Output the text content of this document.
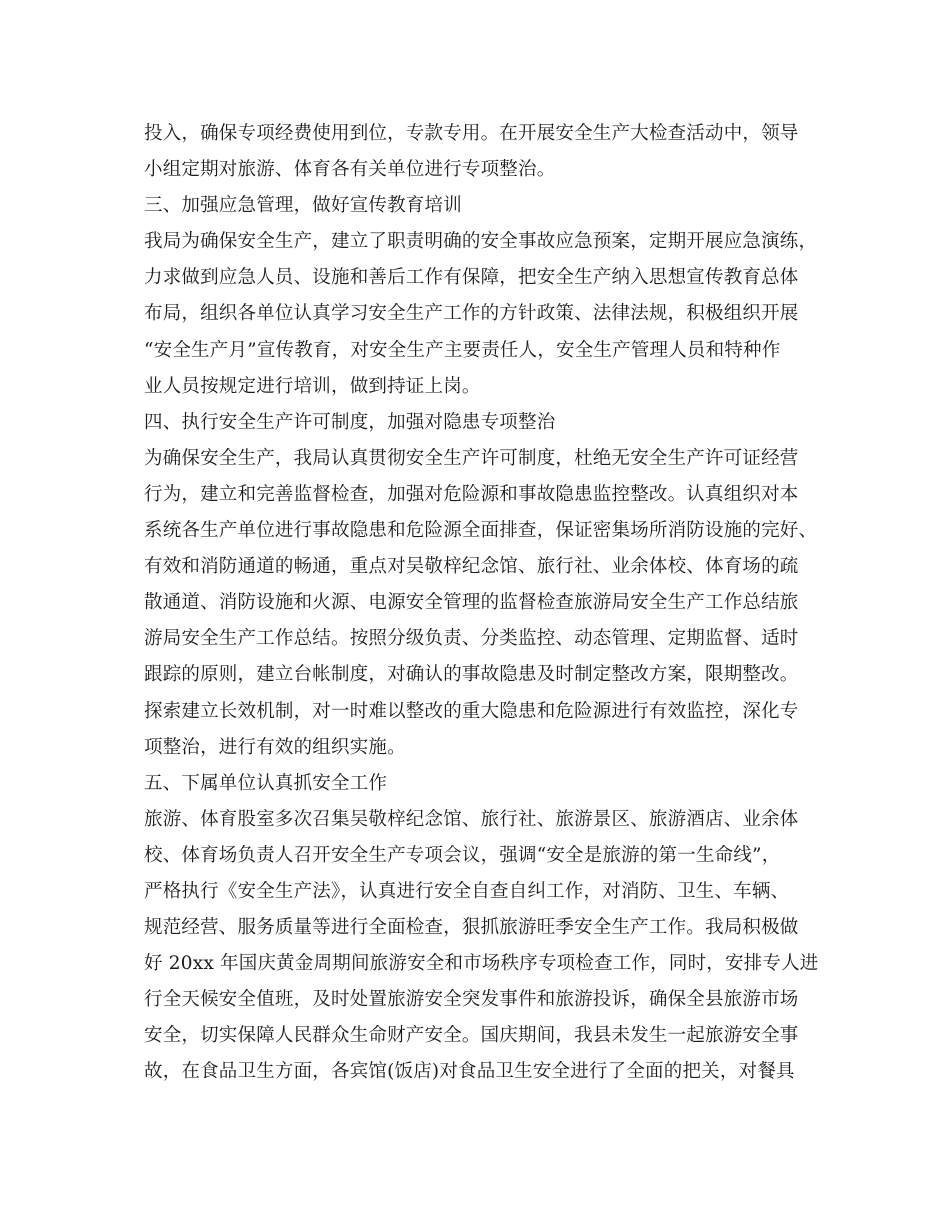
投入，确保专项经费使用到位，专款专用。在开展安全生产大检查活动中，领导
小组定期对旅游、体育各有关单位进行专项整治。
三、加强应急管理，做好宣传教育培训
我局为确保安全生产，建立了职责明确的安全事故应急预案，定期开展应急演练，
力求做到应急人员、设施和善后工作有保障，把安全生产纳入思想宣传教育总体
布局，组织各单位认真学习安全生产工作的方针政策、法律法规，积极组织开展
“安全生产月”宣传教育，对安全生产主要责任人，安全生产管理人员和特种作
业人员按规定进行培训，做到持证上岗。
四、执行安全生产许可制度，加强对隐患专项整治
为确保安全生产，我局认真贯彻安全生产许可制度，杜绝无安全生产许可证经营
行为，建立和完善监督检查，加强对危险源和事故隐患监控整改。认真组织对本
系统各生产单位进行事故隐患和危险源全面排查，保证密集场所消防设施的完好、
有效和消防通道的畅通，重点对吴敬梓纪念馆、旅行社、业余体校、体育场的疏
散通道、消防设施和火源、电源安全管理的监督检查旅游局安全生产工作总结旅
游局安全生产工作总结。按照分级负责、分类监控、动态管理、定期监督、适时
跟踪的原则，建立台帐制度，对确认的事故隐患及时制定整改方案，限期整改。
探索建立长效机制，对一时难以整改的重大隐患和危险源进行有效监控，深化专
项整治，进行有效的组织实施。
五、下属单位认真抓安全工作
旅游、体育股室多次召集吴敬梓纪念馆、旅行社、旅游景区、旅游酒店、业余体
校、体育场负责人召开安全生产专项会议，强调“安全是旅游的第一生命线”，
严格执行《安全生产法》，认真进行安全自查自纠工作，对消防、卫生、车辆、
规范经营、服务质量等进行全面检查，狠抓旅游旺季安全生产工作。我局积极做
好 20xx 年国庆黄金周期间旅游安全和市场秩序专项检查工作，同时，安排专人进
行全天候安全值班，及时处置旅游安全突发事件和旅游投诉，确保全县旅游市场
安全，切实保障人民群众生命财产安全。国庆期间，我县未发生一起旅游安全事
故，在食品卫生方面，各宾馆(饭店)对食品卫生安全进行了全面的把关，对餐具
